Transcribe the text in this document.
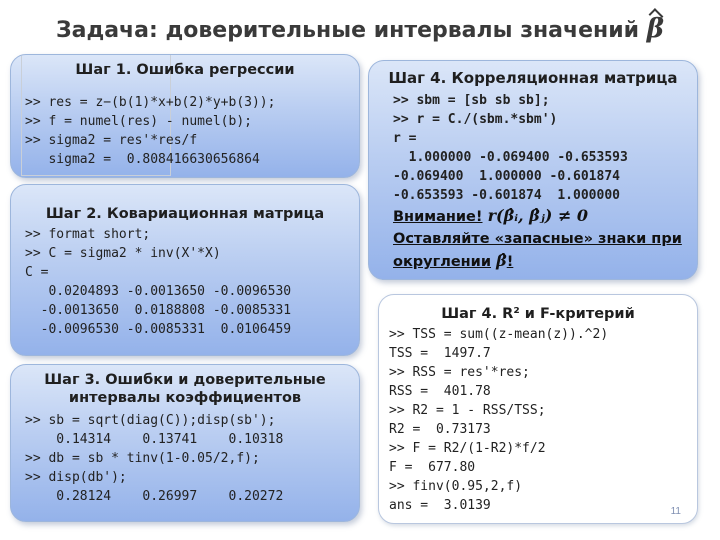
Задача: доверительные интервалы значений β
Шаг 1. Ошибка регрессии
>> res = z−(b(1)*x+b(2)*y+b(3));
>> f = numel(res) - numel(b);
>> sigma2 = res'*res/f
sigma2 =  0.808416630656864
Шаг 2. Ковариационная матрица
>> format short;
>> C = sigma2 * inv(X'*X)
C =
0.0204893 -0.0013650 -0.0096530
-0.0013650  0.0188808 -0.0085331
-0.0096530 -0.0085331  0.0106459
Шаг 3. Ошибки и доверительные
интервалы коэффициентов
>> sb = sqrt(diag(C));disp(sb');
0.14314    0.13741    0.10318
>> db = sb * tinv(1-0.05/2,f);
>> disp(db');
0.28124    0.26997    0.20272
Шаг 4. Корреляционная матрица
>> sbm = [sb sb sb];
>> r = C./(sbm.*sbm')
r =
1.000000 -0.069400 -0.653593
-0.069400  1.000000 -0.601874
-0.653593 -0.601874  1.000000
Внимание! r(β̂ᵢ, β̂ⱼ) ≠ 0
Оставляйте «запасные» знаки при
округлении β̂!
Шаг 4. R² и F-критерий
>> TSS = sum((z-mean(z)).^2)
TSS =  1497.7
>> RSS = res'*res;
RSS =  401.78
>> R2 = 1 - RSS/TSS;
R2 =  0.73173
>> F = R2/(1-R2)*f/2
F =  677.80
>> finv(0.95,2,f)
ans =  3.0139	11
